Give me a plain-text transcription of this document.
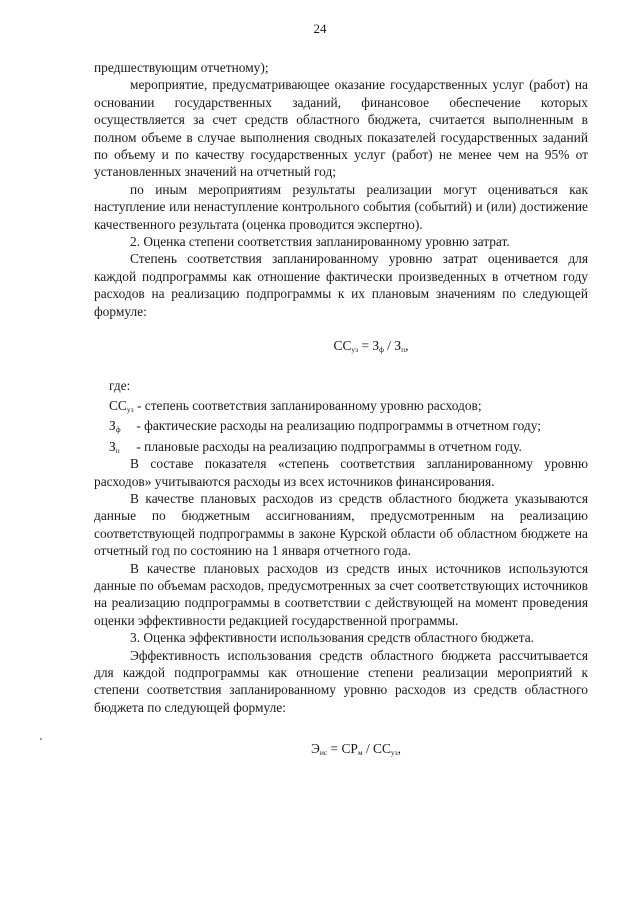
24

предшествующим отчетному);

мероприятие, предусматривающее оказание государственных услуг (работ) на основании государственных заданий, финансовое обеспечение которых осуществляется за счет средств областного бюджета, считается выполненным в полном объеме в случае выполнения сводных показателей государственных заданий по объему и по качеству государственных услуг (работ) не менее чем на 95% от установленных значений на отчетный год;

по иным мероприятиям результаты реализации могут оцениваться как наступление или ненаступление контрольного события (событий) и (или) достижение качественного результата (оценка проводится экспертно).

2. Оценка степени соответствия запланированному уровню затрат.

Степень соответствия запланированному уровню затрат оценивается для каждой подпрограммы как отношение фактически произведенных в отчетном году расходов на реализацию подпрограммы к их плановым значениям по следующей формуле:

$СС_{уз} = З_ф / З_п$,

где:

$СС_{уз}$ - степень соответствия запланированному уровню расходов;

$З_ф$ - фактические расходы на реализацию подпрограммы в отчетном году;

$З_п$ - плановые расходы на реализацию подпрограммы в отчетном году.

В составе показателя «степень соответствия запланированному уровню расходов» учитываются расходы из всех источников финансирования.

В качестве плановых расходов из средств областного бюджета указываются данные по бюджетным ассигнованиям, предусмотренным на реализацию соответствующей подпрограммы в законе Курской области об областном бюджете на отчетный год по состоянию на 1 января отчетного года.

В качестве плановых расходов из средств иных источников используются данные по объемам расходов, предусмотренных за счет соответствующих источников на реализацию подпрограммы в соответствии с действующей на момент проведения оценки эффективности редакцией государственной программы.

3. Оценка эффективности использования средств областного бюджета.

Эффективность использования средств областного бюджета рассчитывается для каждой подпрограммы как отношение степени реализации мероприятий к степени соответствия запланированному уровню расходов из средств областного бюджета по следующей формуле:

$Э_{ис} = СР_м / СС_{уз}$,
